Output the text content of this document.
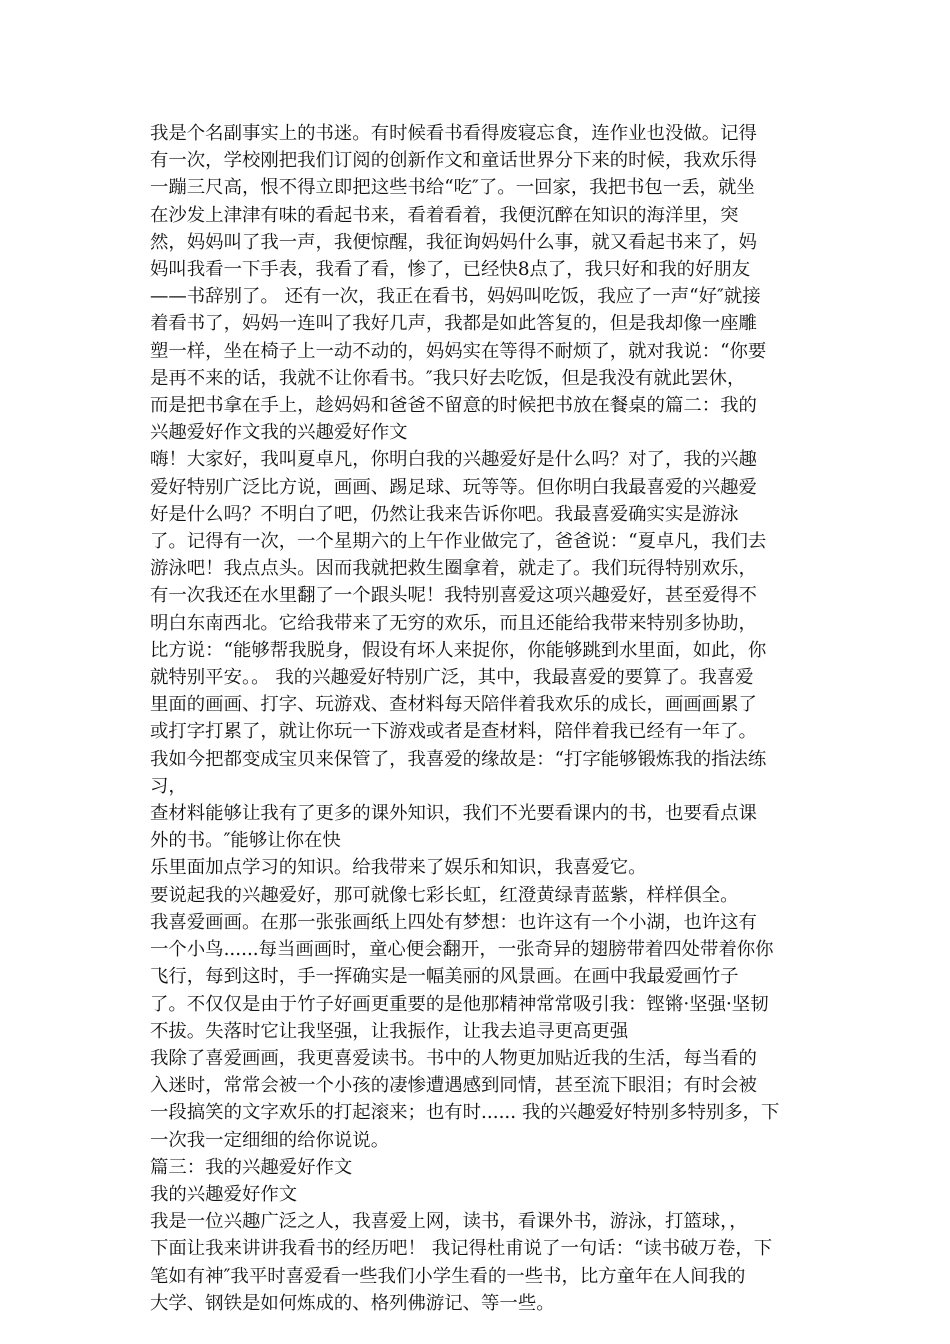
我是个名副事实上的书迷。有时候看书看得废寝忘食，连作业也没做。记得
有一次，学校刚把我们订阅的创新作文和童话世界分下来的时候，我欢乐得
一蹦三尺高，恨不得立即把这些书给“吃″了。一回家，我把书包一丢，就坐
在沙发上津津有味的看起书来，看着看着，我便沉醉在知识的海洋里，突
然，妈妈叫了我一声，我便惊醒，我征询妈妈什么事，就又看起书来了，妈
妈叫我看一下手表，我看了看，惨了，已经快8点了，我只好和我的好朋友
——书辞别了。 还有一次，我正在看书，妈妈叫吃饭，我应了一声“好″就接
着看书了，妈妈一连叫了我好几声，我都是如此答复的，但是我却像一座雕
塑一样，坐在椅子上一动不动的，妈妈实在等得不耐烦了，就对我说：“你要
是再不来的话，我就不让你看书。″我只好去吃饭，但是我没有就此罢休，
而是把书拿在手上，趁妈妈和爸爸不留意的时候把书放在餐桌的篇二：我的
兴趣爱好作文我的兴趣爱好作文
嗨！大家好，我叫夏卓凡，你明白我的兴趣爱好是什么吗？对了，我的兴趣
爱好特别广泛比方说，画画、踢足球、玩等等。但你明白我最喜爱的兴趣爱
好是什么吗？不明白了吧，仍然让我来告诉你吧。我最喜爱确实实是游泳
了。记得有一次，一个星期六的上午作业做完了，爸爸说：“夏卓凡，我们去
游泳吧！我点点头。因而我就把救生圈拿着，就走了。我们玩得特别欢乐，
有一次我还在水里翻了一个跟头呢！我特别喜爱这项兴趣爱好，甚至爱得不
明白东南西北。它给我带来了无穷的欢乐，而且还能给我带来特别多协助，
比方说：“能够帮我脱身，假设有坏人来捉你，你能够跳到水里面，如此，你
就特别平安。。 我的兴趣爱好特别广泛，其中，我最喜爱的要算了。我喜爱
里面的画画、打字、玩游戏、查材料每天陪伴着我欢乐的成长，画画画累了
或打字打累了，就让你玩一下游戏或者是查材料，陪伴着我已经有一年了。
我如今把都变成宝贝来保管了，我喜爱的缘故是：“打字能够锻炼我的指法练
习，
查材料能够让我有了更多的课外知识，我们不光要看课内的书，也要看点课
外的书。″能够让你在快
乐里面加点学习的知识。给我带来了娱乐和知识，我喜爱它。
要说起我的兴趣爱好，那可就像七彩长虹，红澄黄绿青蓝紫，样样俱全。
我喜爱画画。在那一张张画纸上四处有梦想：也许这有一个小湖，也许这有
一个小鸟......每当画画时，童心便会翻开，一张奇异的翅膀带着四处带着你你
飞行，每到这时，手一挥确实是一幅美丽的风景画。在画中我最爱画竹子
了。不仅仅是由于竹子好画更重要的是他那精神常常吸引我：铿锵·坚强·坚韧
不拔。失落时它让我坚强，让我振作，让我去追寻更高更强
我除了喜爱画画，我更喜爱读书。书中的人物更加贴近我的生活，每当看的
入迷时，常常会被一个小孩的凄惨遭遇感到同情，甚至流下眼泪；有时会被
一段搞笑的文字欢乐的打起滚来；也有时...... 我的兴趣爱好特别多特别多，下
一次我一定细细的给你说说。
篇三：我的兴趣爱好作文
我的兴趣爱好作文
我是一位兴趣广泛之人，我喜爱上网，读书，看课外书，游泳，打篮球，，
下面让我来讲讲我看书的经历吧！ 我记得杜甫说了一句话：“读书破万卷，下
笔如有神″我平时喜爱看一些我们小学生看的一些书，比方童年在人间我的
大学、钢铁是如何炼成的、格列佛游记、等一些。
